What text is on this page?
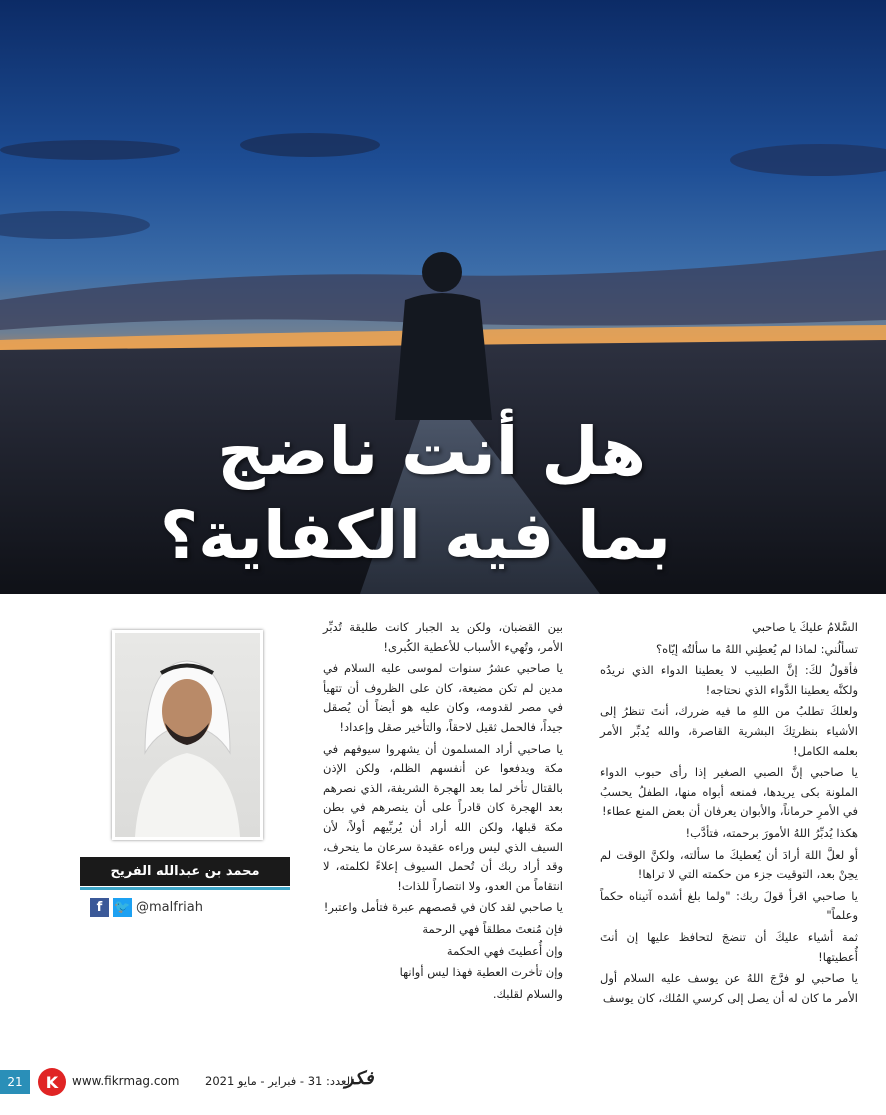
هل أنت ناضج
بما فيه الكفاية؟

السَّلامُ عليكَ يا صاحبي

تسألُني: لماذا لم يُعطِني اللهُ ما سألتُه إيّاه؟

فأقولُ لكَ: إنَّ الطبيب لا يعطينا الدواء الذي نريدُه ولكنَّه يعطينا الدَّواء الذي نحتاجه!

ولعلكَ تطلبُ من اللهِ ما فيه ضررك، أنتَ تنظرُ إلى الأشياء بنظرتِكَ البشرية القاصرة، والله يُدبِّر الأمر بعلمه الكامل!

يا صاحبي إنَّ الصبي الصغير إذا رأى حبوب الدواء الملونة بكى يريدها، فمنعه أبواه منها، الطفلُ يحسبُ في الأمرِ حرماناً، والأبوان يعرفان أن بعض المنع عطاء!

هكذا يُدبِّرُ اللهُ الأمورَ برحمته، فتأدَّب!

أو لعلَّ اللهَ أرادَ أن يُعطيكَ ما سألته، ولكنَّ الوقت لم يحِنْ بعد، التوقيت جزء من حكمته التي لا تراها!

يا صاحبي اقرأ قولَ ربك: "ولما بلغ أشده آتيناه حكماً وعلماً"

ثمة أشياء عليكَ أن تنضجَ لتحافظ عليها إن أنتَ أُعطيتها!

يا صاحبي لو فرَّجَ اللهُ عن يوسف عليه السلام أول الأمر ما كان له أن يصل إلى كرسي المُلك، كان يوسف

بين القضبان، ولكن يد الجبار كانت طليقة تُدبِّر الأمر، وتُهيء الأسباب للأعطية الكُبرى!

يا صاحبي عشرُ سنوات لموسى عليه السلام في مدين لم تكن مضيعة، كان على الظروف أن تتهيأ في مصر لقدومه، وكان عليه هو أيضاً أن يُصقل جيداً، فالحمل ثقيل لاحقاً، والتأخير صقل وإعداد!

يا صاحبي أراد المسلمون أن يشهروا سيوفهم في مكة ويدفعوا عن أنفسهم الظلم، ولكن الإذن بالقتال تأخر لما بعد الهجرة الشريفة، الذي نصرهم بعد الهجرة كان قادراً على أن ينصرهم في بطن مكة قبلها، ولكن الله أراد أن يُربِّيهم أولاً، لأن السيف الذي ليس وراءه عقيدة سرعان ما ينحرف، وقد أراد ربك أن تُحمل السيوف إعلاءً لكلمته، لا انتقاماً من العدو، ولا انتصاراً للذات!

يا صاحبي لقد كان في قصصهم عبرة فتأمل واعتبر!

فإن مُنعتَ مطلقاً فهي الرحمة

وإن أُعطيتَ فهي الحكمة

وإن تأخرت العطية فهذا ليس أوانها

والسلام لقلبك.

محمد بن عبدالله الفريح
f 🐦 @malfriah
21	K	www.fikrmag.com العدد: 31 - فبراير - مايو 2021
فكر
